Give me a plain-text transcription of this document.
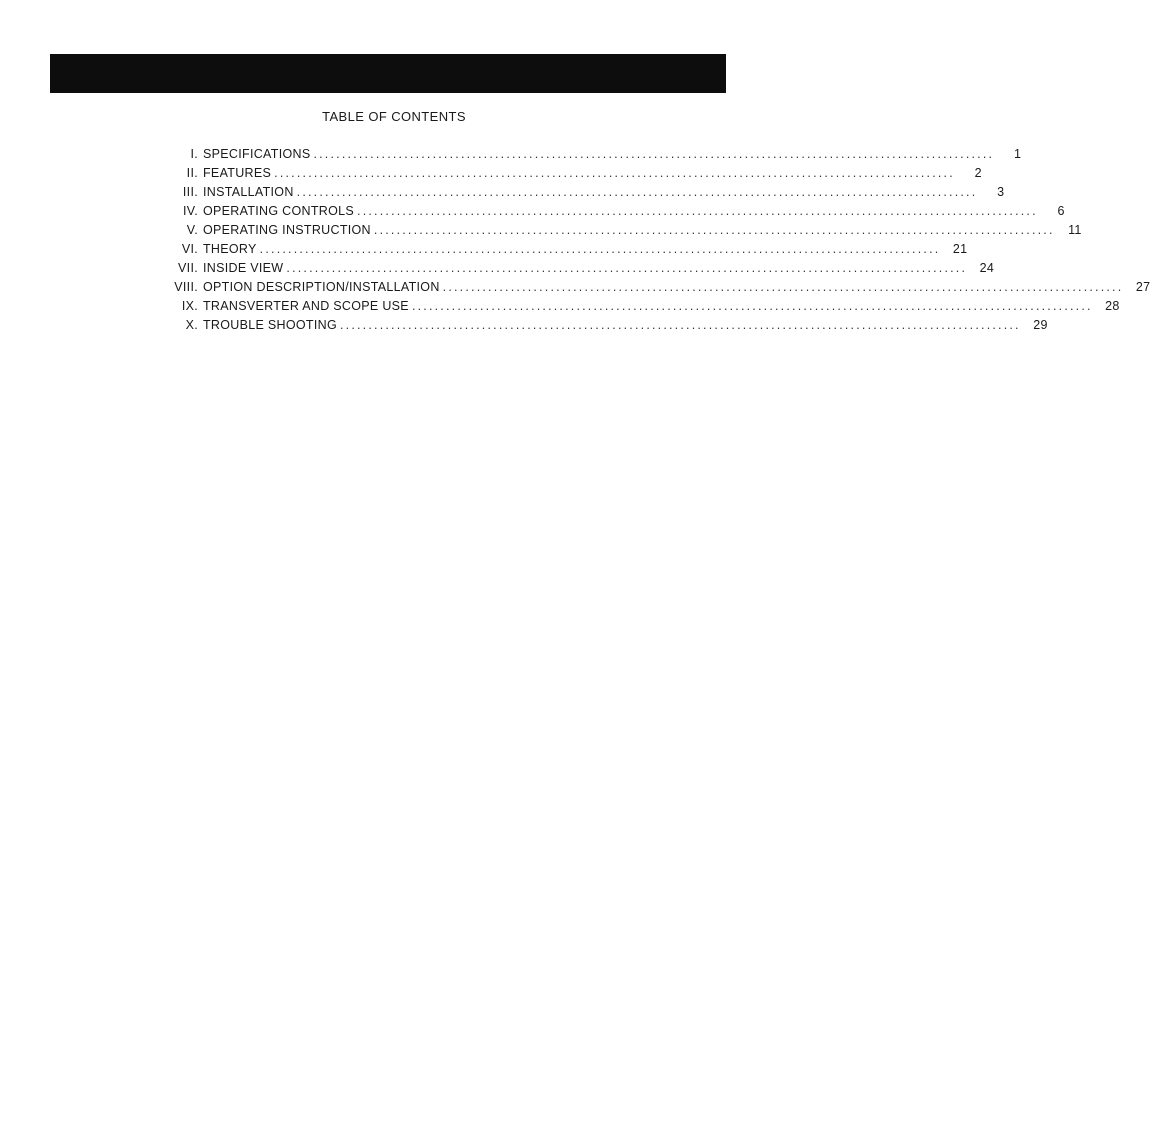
TABLE OF CONTENTS
I. SPECIFICATIONS ........................................................................................................................	1
II. FEATURES ........................................................................................................................	2
III. INSTALLATION ........................................................................................................................	3
IV. OPERATING CONTROLS ........................................................................................................................	6
V. OPERATING INSTRUCTION ........................................................................................................................	11
VI. THEORY ........................................................................................................................ 21
VII. INSIDE VIEW ........................................................................................................................ 24
VIII. OPTION DESCRIPTION/INSTALLATION ........................................................................................................................ 27
IX. TRANSVERTER AND SCOPE USE ........................................................................................................................ 28
X. TROUBLE SHOOTING ........................................................................................................................ 29
